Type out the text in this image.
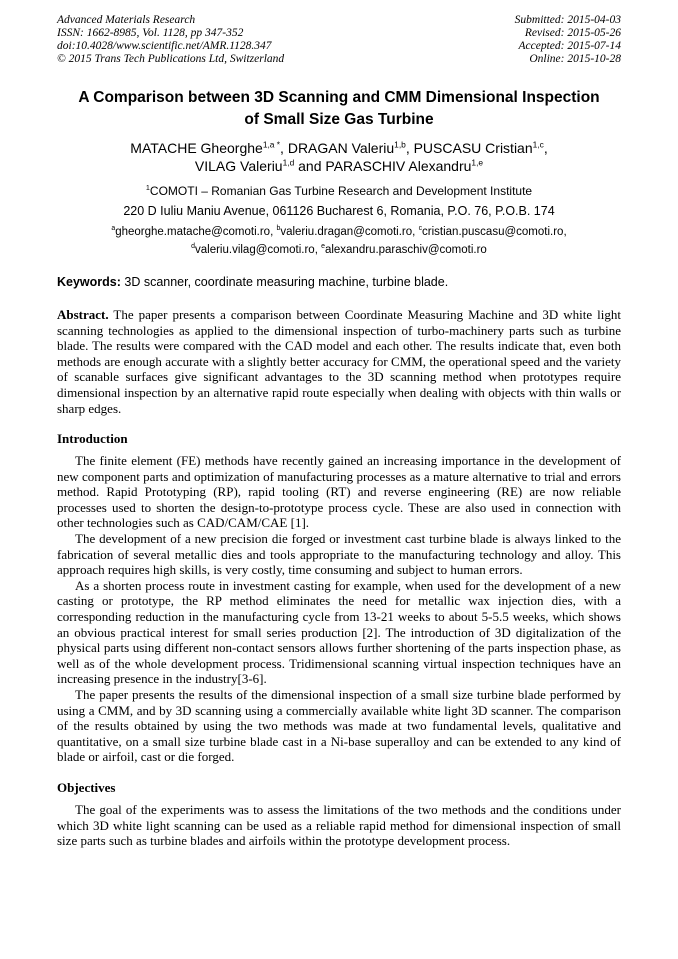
Advanced Materials Research
ISSN: 1662-8985, Vol. 1128, pp 347-352
doi:10.4028/www.scientific.net/AMR.1128.347
© 2015 Trans Tech Publications Ltd, Switzerland
Submitted: 2015-04-03
Revised: 2015-05-26
Accepted: 2015-07-14
Online: 2015-10-28
A Comparison between 3D Scanning and CMM Dimensional Inspection
of Small Size Gas Turbine
MATACHE Gheorghe$^{1,a *}$, DRAGAN Valeriu$^{1,b}$, PUSCASU Cristian$^{1,c}$,
VILAG Valeriu$^{1,d}$ and PARASCHIV Alexandru$^{1,e}$
$^1$COMOTI – Romanian Gas Turbine Research and Development Institute
220 D Iuliu Maniu Avenue, 061126 Bucharest 6, Romania, P.O. 76, P.O.B. 174
$^a$gheorghe.matache@comoti.ro, $^b$valeriu.dragan@comoti.ro, $^c$cristian.puscasu@comoti.ro,
$^d$valeriu.vilag@comoti.ro, $^e$alexandru.paraschiv@comoti.ro

Keywords: 3D scanner, coordinate measuring machine, turbine blade.

Abstract. The paper presents a comparison between Coordinate Measuring Machine and 3D white light scanning technologies as applied to the dimensional inspection of turbo-machinery parts such as turbine blade. The results were compared with the CAD model and each other. The results indicate that, even both methods are enough accurate with a slightly better accuracy for CMM, the operational speed and the variety of scanable surfaces give significant advantages to the 3D scanning method when prototypes require dimensional inspection by an alternative rapid route especially when dealing with objects with thin walls or sharp edges.

Introduction

The finite element (FE) methods have recently gained an increasing importance in the development of new component parts and optimization of manufacturing processes as a mature alternative to trial and errors method. Rapid Prototyping (RP), rapid tooling (RT) and reverse engineering (RE) are now reliable processes used to shorten the design-to-prototype process cycle. These are also used in connection with other technologies such as CAD/CAM/CAE [1].

The development of a new precision die forged or investment cast turbine blade is always linked to the fabrication of several metallic dies and tools appropriate to the manufacturing technology and alloy. This approach requires high skills, is very costly, time consuming and subject to human errors.

As a shorten process route in investment casting for example, when used for the development of a new casting or prototype, the RP method eliminates the need for metallic wax injection dies, with a corresponding reduction in the manufacturing cycle from 13-21 weeks to about 5-5.5 weeks, which shows an obvious practical interest for small series production [2]. The introduction of 3D digitalization of the physical parts using different non-contact sensors allows further shortening of the parts inspection phase, as well as of the whole development process. Tridimensional scanning virtual inspection techniques have an increasing presence in the industry[3-6].

The paper presents the results of the dimensional inspection of a small size turbine blade performed by using a CMM, and by 3D scanning using a commercially available white light 3D scanner. The comparison of the results obtained by using the two methods was made at two fundamental levels, qualitative and quantitative, on a small size turbine blade cast in a Ni-base superalloy and can be extended to any kind of blade or airfoil, cast or die forged.

Objectives

The goal of the experiments was to assess the limitations of the two methods and the conditions under which 3D white light scanning can be used as a reliable rapid method for dimensional inspection of small size parts such as turbine blades and airfoils within the prototype development process.
